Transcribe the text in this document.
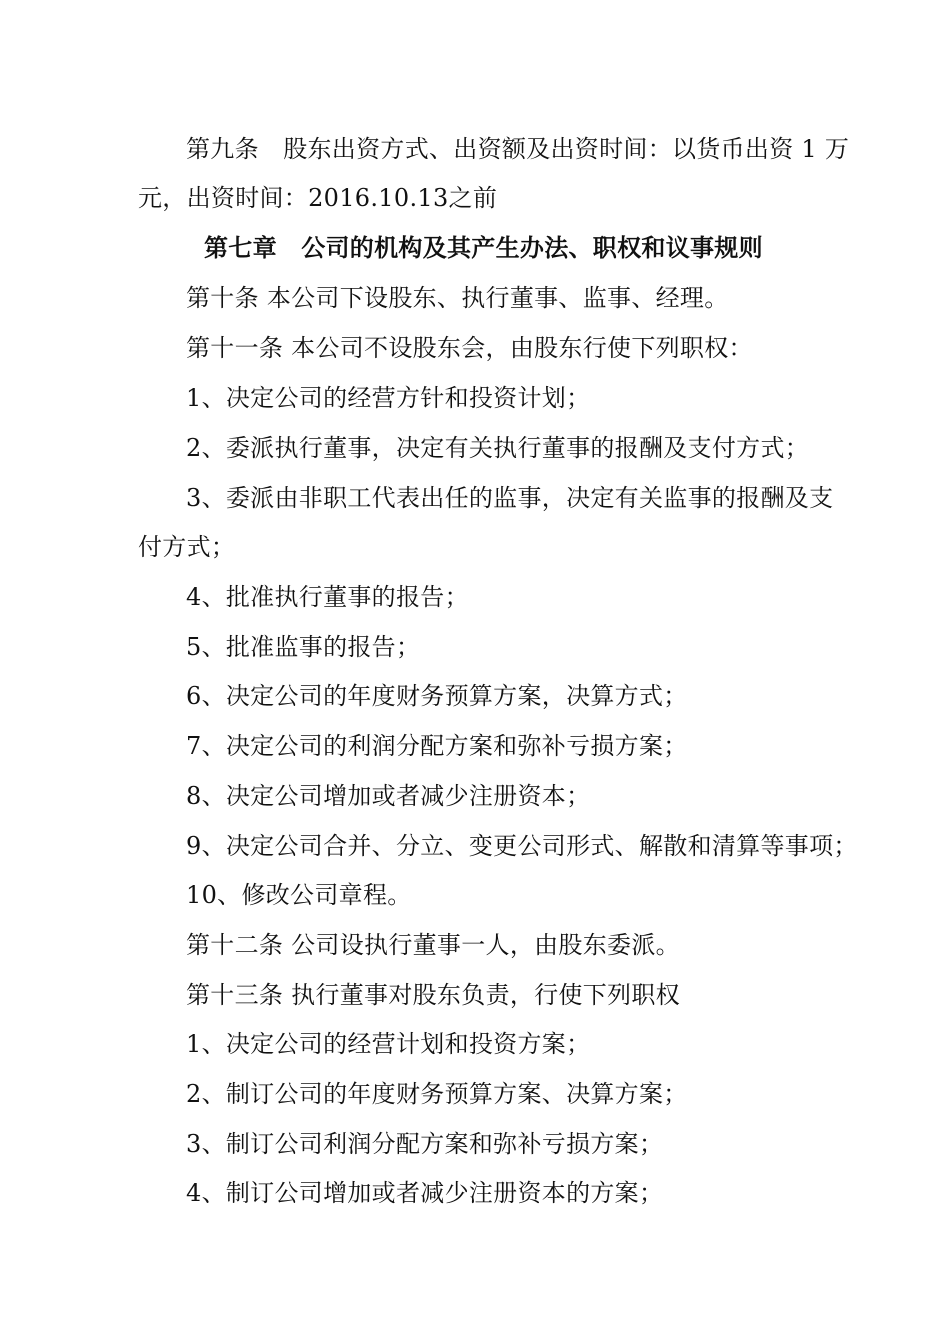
第九条　股东出资方式、出资额及出资时间：以货币出资 1 万
元，出资时间：2016.10.13之前
第七章　公司的机构及其产生办法、职权和议事规则
第十条 本公司下设股东、执行董事、监事、经理。
第十一条 本公司不设股东会，由股东行使下列职权：
1、决定公司的经营方针和投资计划；
2、委派执行董事，决定有关执行董事的报酬及支付方式；
3、委派由非职工代表出任的监事，决定有关监事的报酬及支
付方式；
4、批准执行董事的报告；
5、批准监事的报告；
6、决定公司的年度财务预算方案，决算方式；
7、决定公司的利润分配方案和弥补亏损方案；
8、决定公司增加或者减少注册资本；
9、决定公司合并、分立、变更公司形式、解散和清算等事项；
10、修改公司章程。
第十二条 公司设执行董事一人，由股东委派。
第十三条 执行董事对股东负责，行使下列职权
1、决定公司的经营计划和投资方案；
2、制订公司的年度财务预算方案、决算方案；
3、制订公司利润分配方案和弥补亏损方案；
4、制订公司增加或者减少注册资本的方案；
